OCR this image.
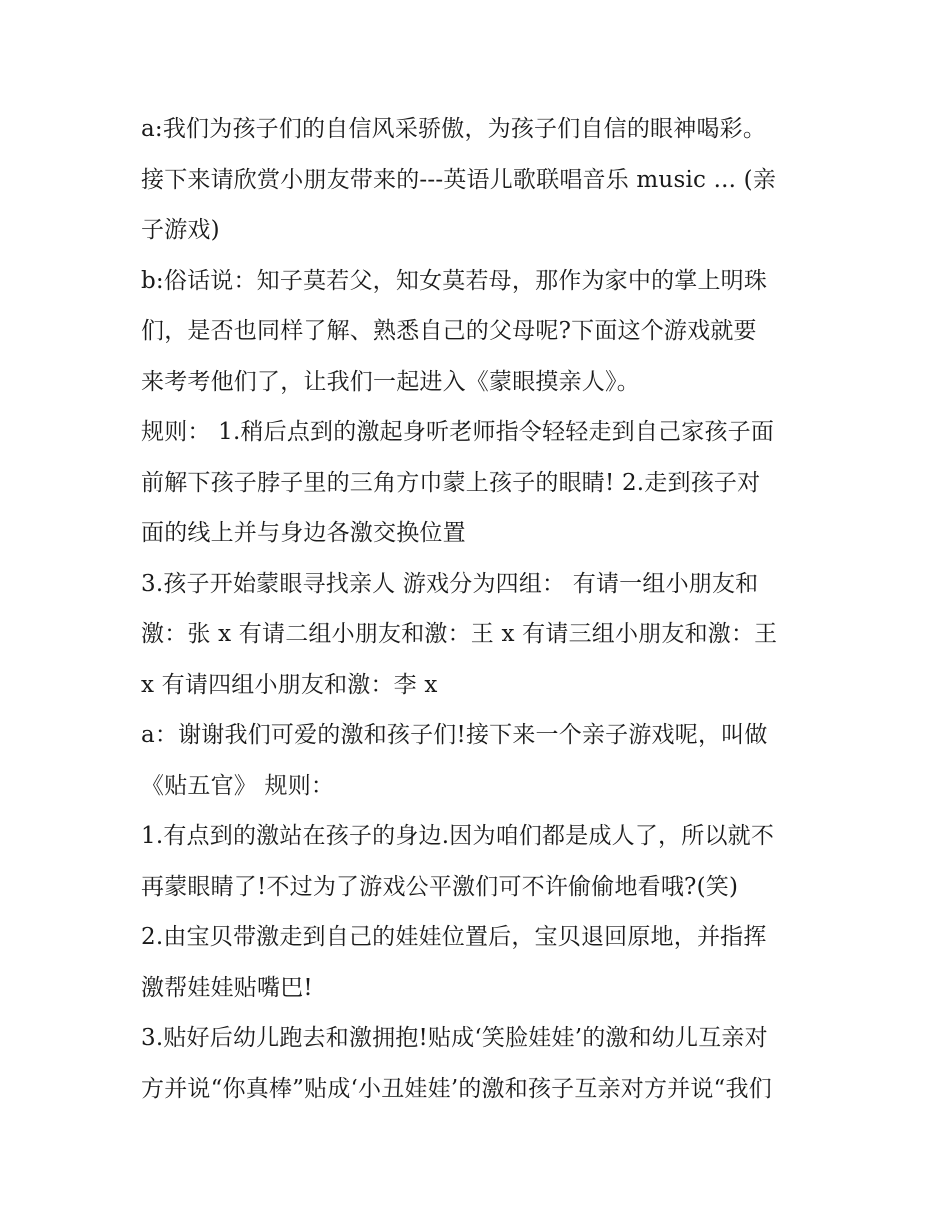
a:我们为孩子们的自信风采骄傲，为孩子们自信的眼神喝彩。
接下来请欣赏小朋友带来的---英语儿歌联唱音乐 music ... (亲
子游戏)
b:俗话说：知子莫若父，知女莫若母，那作为家中的掌上明珠
们，是否也同样了解、熟悉自己的父母呢?下面这个游戏就要
来考考他们了，让我们一起进入《蒙眼摸亲人》。
规则： 1.稍后点到的激起身听老师指令轻轻走到自己家孩子面
前解下孩子脖子里的三角方巾蒙上孩子的眼睛! 2.走到孩子对
面的线上并与身边各激交换位置
3.孩子开始蒙眼寻找亲人 游戏分为四组： 有请一组小朋友和
激：张 x 有请二组小朋友和激：王 x 有请三组小朋友和激：王
x 有请四组小朋友和激：李 x
a：谢谢我们可爱的激和孩子们!接下来一个亲子游戏呢，叫做
《贴五官》 规则：
1.有点到的激站在孩子的身边.因为咱们都是成人了，所以就不
再蒙眼睛了!不过为了游戏公平激们可不许偷偷地看哦?(笑)
2.由宝贝带激走到自己的娃娃位置后，宝贝退回原地，并指挥
激帮娃娃贴嘴巴!
3.贴好后幼儿跑去和激拥抱!贴成‘笑脸娃娃’的激和幼儿互亲对
方并说“你真棒”贴成‘小丑娃娃’的激和孩子互亲对方并说“我们
